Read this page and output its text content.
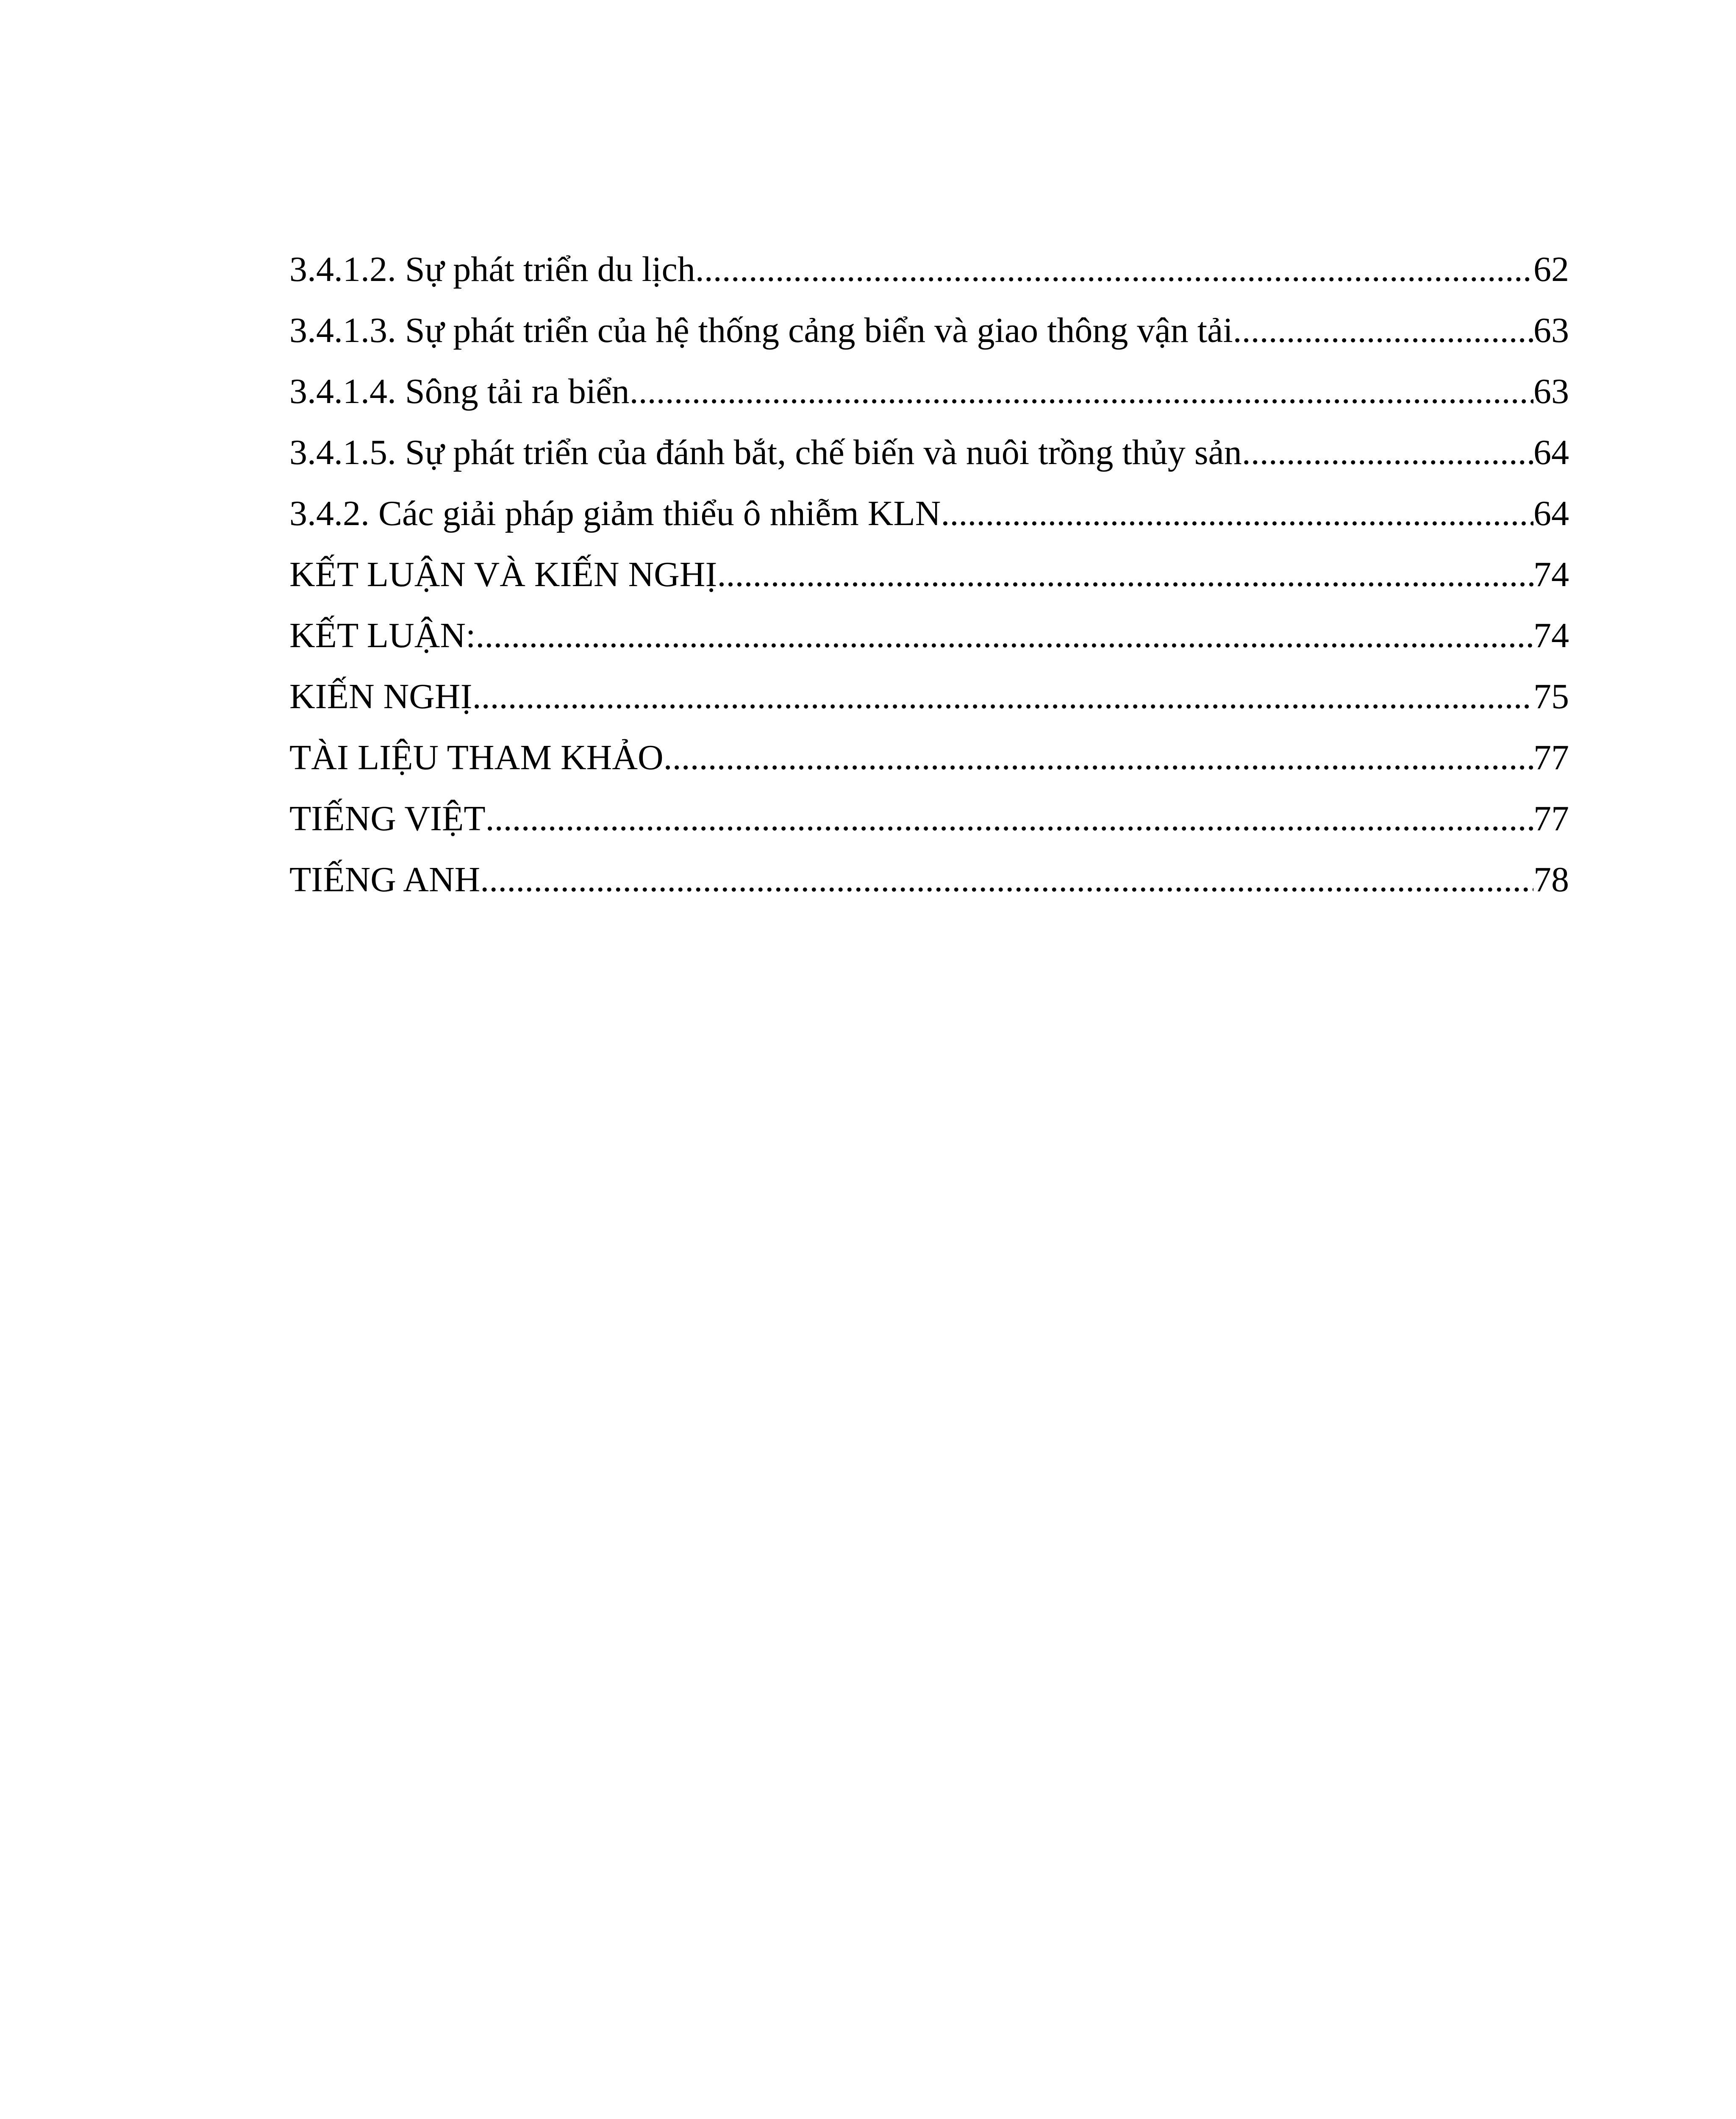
3.4.1.2. Sự phát triển du lịch .....	62
3.4.1.3. Sự phát triển của hệ thống cảng biển và giao thông vận tải .....	63
3.4.1.4. Sông tải ra biển .....	63
3.4.1.5. Sự phát triển của đánh bắt, chế biến và nuôi trồng thủy sản .....	64
3.4.2. Các giải pháp giảm thiểu ô nhiễm KLN. .....	64
KẾT LUẬN VÀ KIẾN NGHỊ .....	74
KẾT LUẬN: .....	74
KIẾN NGHỊ .....	75
TÀI LIỆU THAM KHẢO .....	77
TIẾNG VIỆT .....	77
TIẾNG ANH .....	78
